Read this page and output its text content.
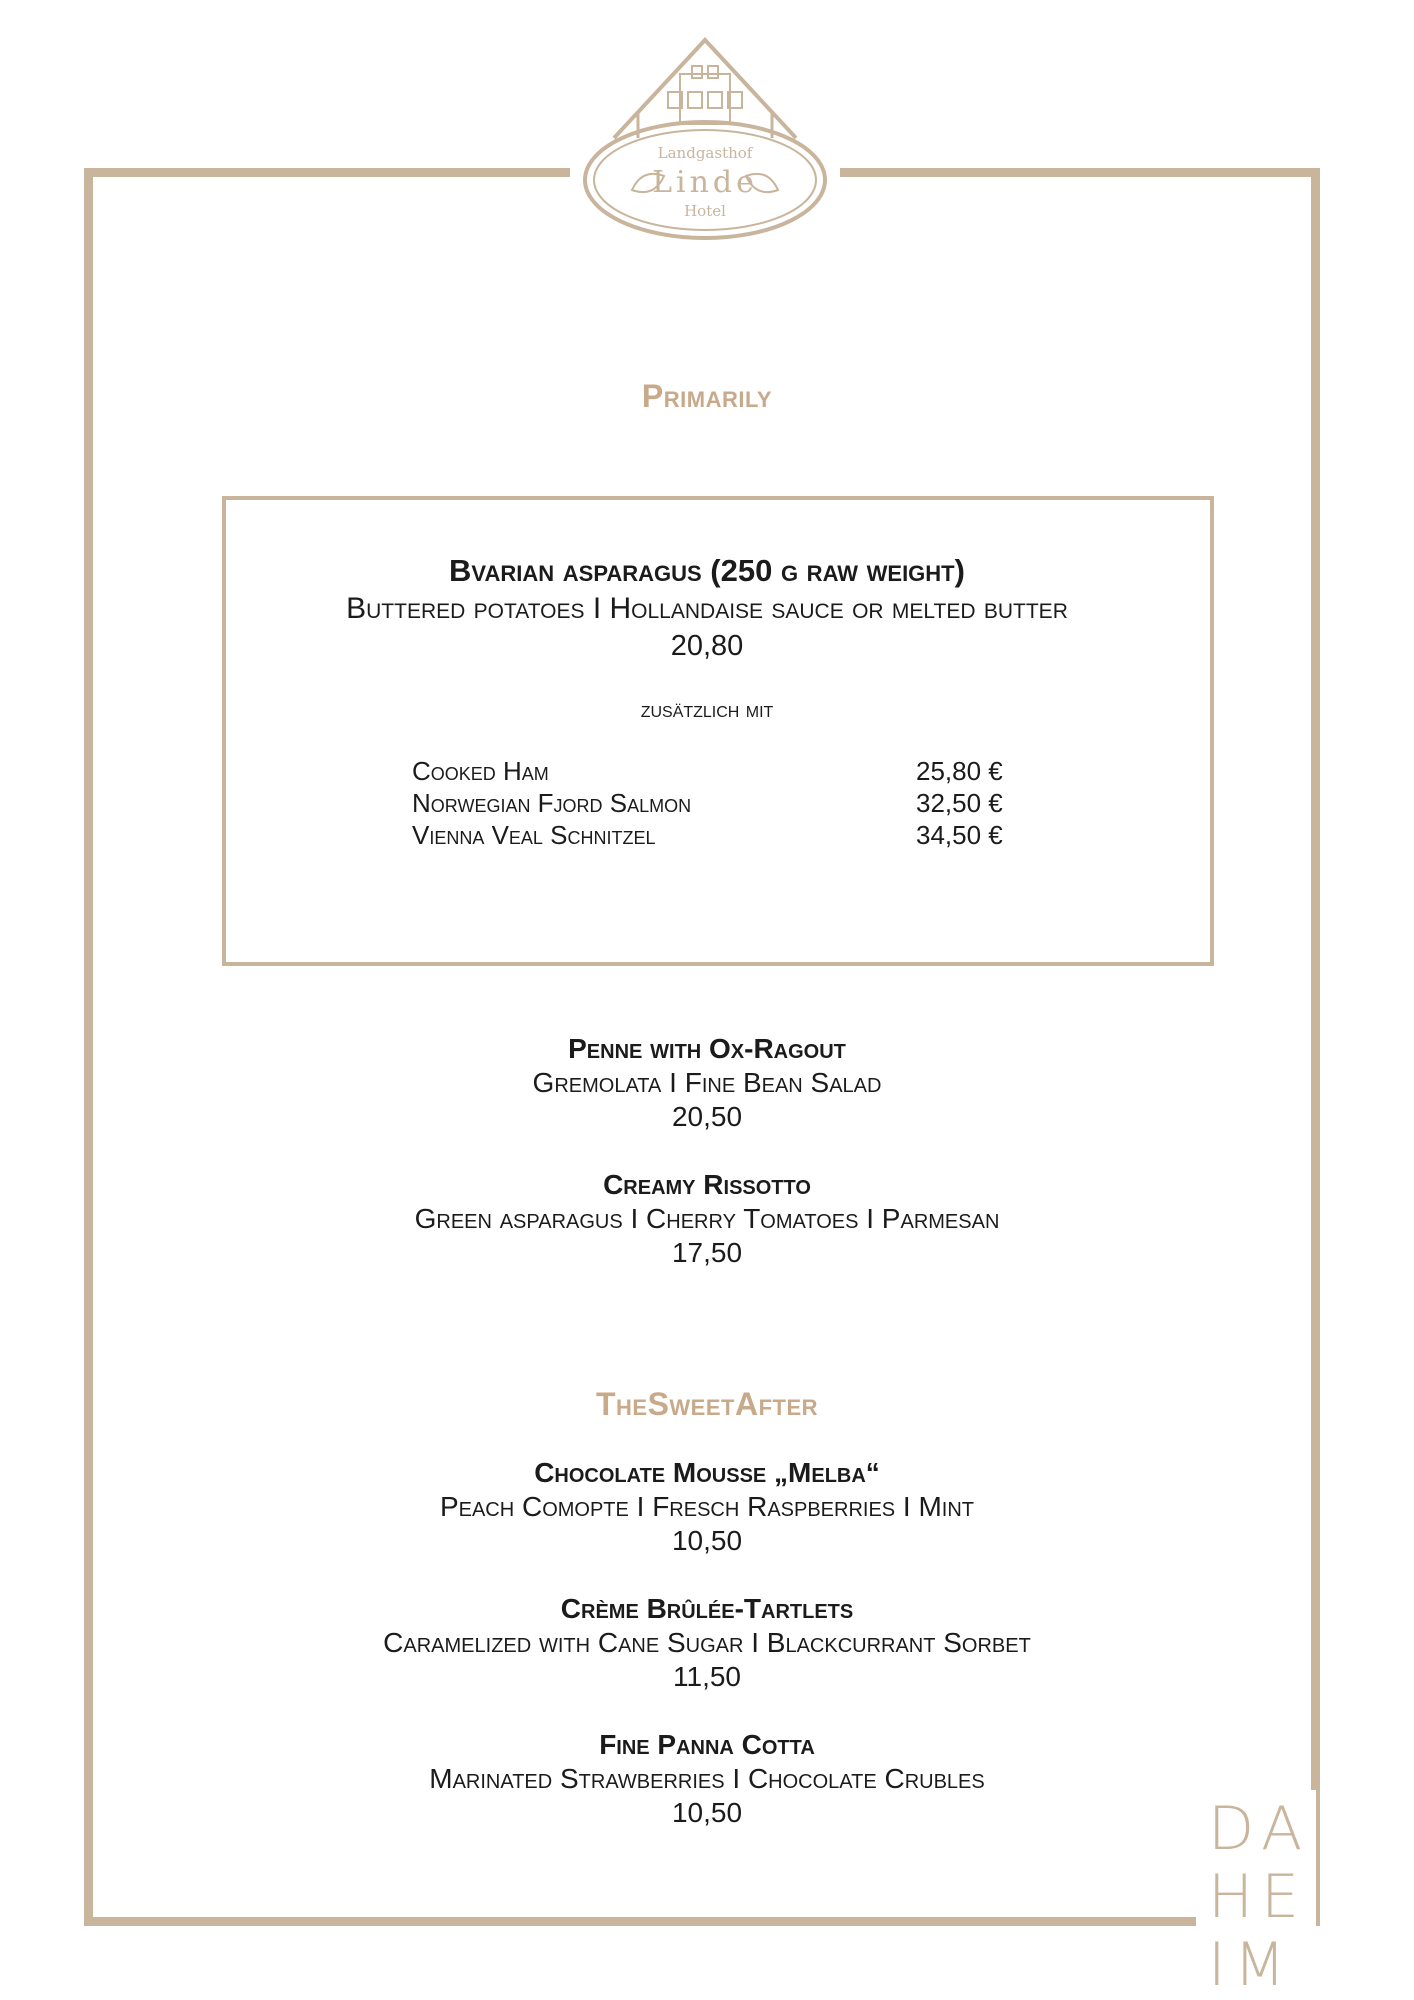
Landgasthof
Linde
Hotel
Primarily
Bvarian asparagus (250 g raw weight)
Buttered potatoes I Hollandaise sauce or melted butter
20,80
zusätzlich mit
Cooked Ham	25,80 €
Norwegian Fjord Salmon	32,50 €
Vienna Veal Schnitzel	34,50 €
Penne with Ox-Ragout
Gremolata I Fine Bean Salad
20,50
Creamy Rissotto
Green asparagus I Cherry Tomatoes I Parmesan
17,50
TheSweetAfter
Chocolate Mouße „Melba“
Peach Comopte I Fresch Raspberries I Mint
10,50
Crème Brûlée-Tartlets
Caramelized with Cane Sugar I Blackcurrant Sorbet
11,50
Fine Panna Cotta
Marinated Strawberries I Chocolate Crubles
10,50	DA
HE
IM
